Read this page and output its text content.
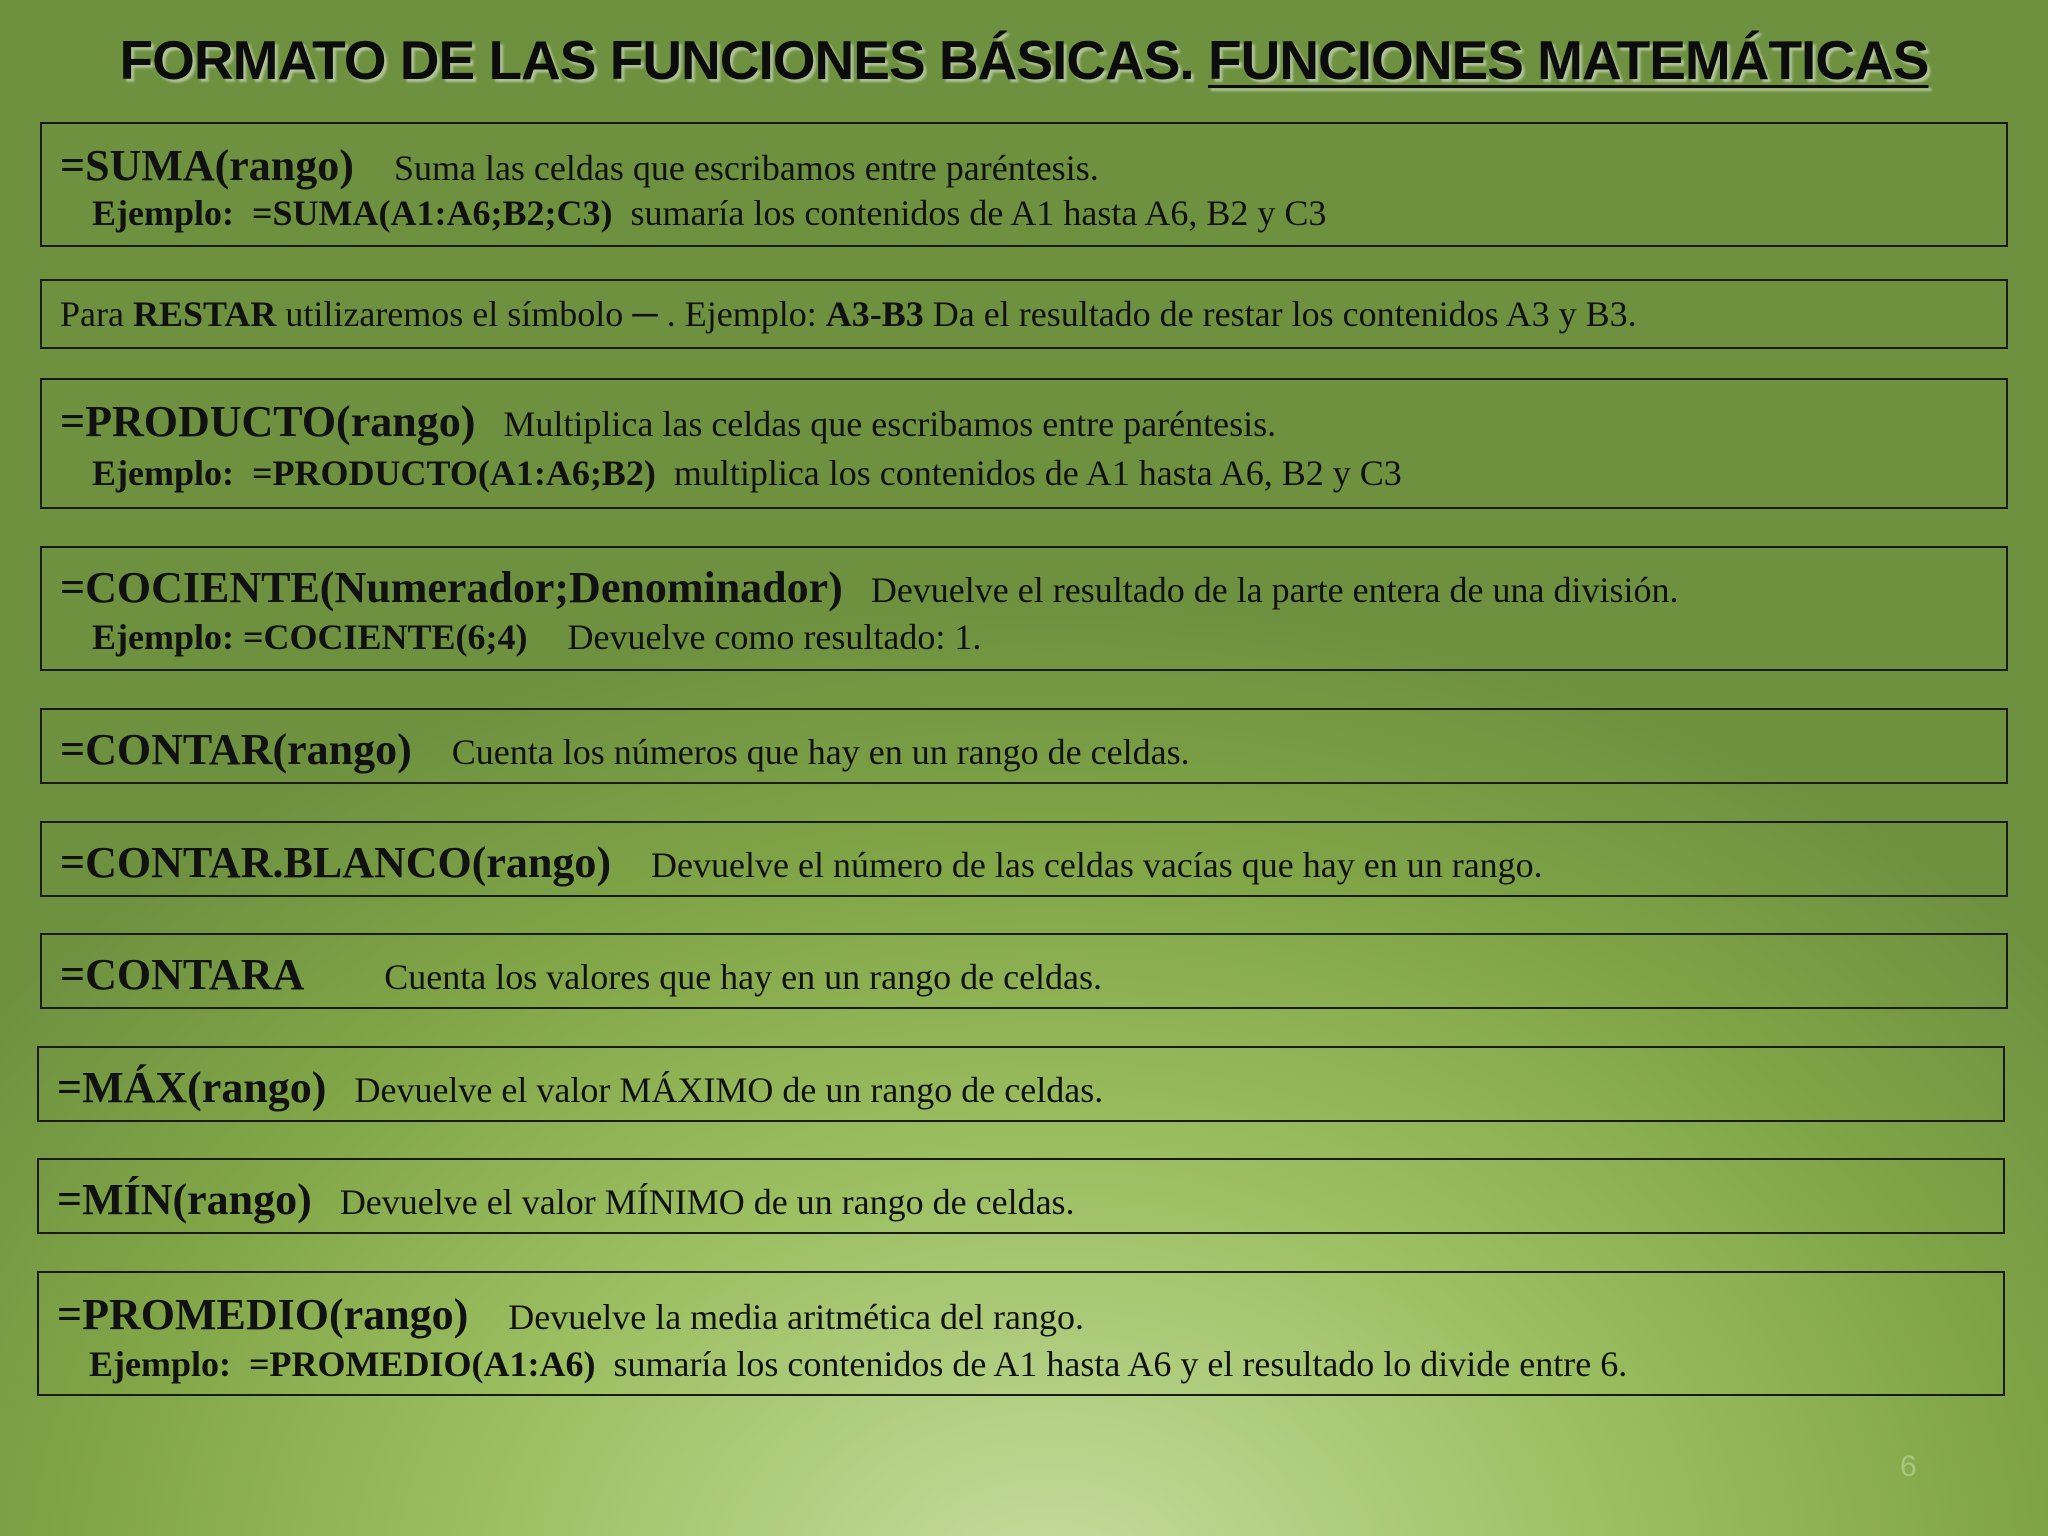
FORMATO DE LAS FUNCIONES BÁSICAS. FUNCIONES MATEMÁTICAS
=SUMA(rango) Suma las celdas que escribamos entre paréntesis.
Ejemplo: =SUMA(A1:A6;B2;C3) sumaría los contenidos de A1 hasta A6, B2 y C3
Para RESTAR utilizaremos el símbolo ─ . Ejemplo: A3-B3 Da el resultado de restar los contenidos A3 y B3.
=PRODUCTO(rango) Multiplica las celdas que escribamos entre paréntesis.
Ejemplo: =PRODUCTO(A1:A6;B2) multiplica los contenidos de A1 hasta A6, B2 y C3
=COCIENTE(Numerador;Denominador) Devuelve el resultado de la parte entera de una división.
Ejemplo: =COCIENTE(6;4) Devuelve como resultado: 1.
=CONTAR(rango) Cuenta los números que hay en un rango de celdas.
=CONTAR.BLANCO(rango) Devuelve el número de las celdas vacías que hay en un rango.
=CONTARA Cuenta los valores que hay en un rango de celdas.
=MÁX(rango) Devuelve el valor MÁXIMO de un rango de celdas.
=MÍN(rango) Devuelve el valor MÍNIMO de un rango de celdas.
=PROMEDIO(rango) Devuelve la media aritmética del rango.
Ejemplo: =PROMEDIO(A1:A6) sumaría los contenidos de A1 hasta A6 y el resultado lo divide entre 6.
6
